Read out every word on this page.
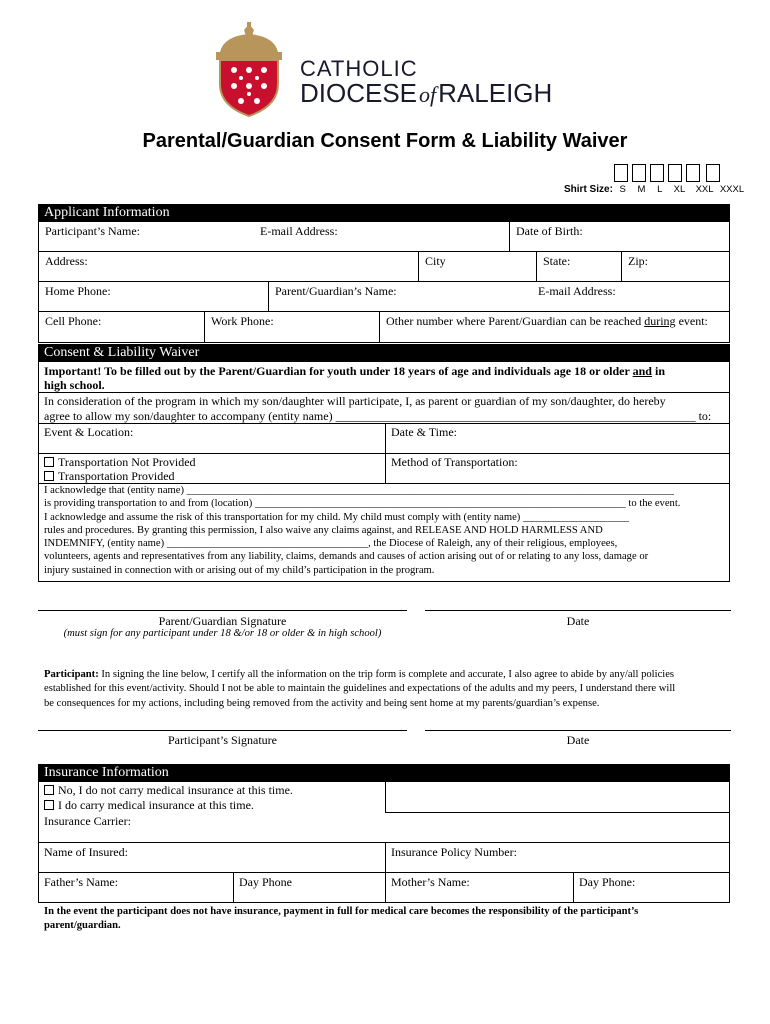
CATHOLIC
DIOCESEofRALEIGH
Parental/Guardian Consent Form & Liability Waiver
Shirt Size: S M L XL XXL XXXL
Applicant Information
Participant’s Name:	E-mail Address:	Date of Birth:
Address:	City	State:	Zip:
Home Phone:	Parent/Guardian’s Name:	E-mail Address:
Cell Phone:	Work Phone:	Other number where Parent/Guardian can be reached during event:
Consent & Liability Waiver
Important! To be filled out by the Parent/Guardian for youth under 18 years of age and individuals age 18 or older and in
high school.
In consideration of the program in which my son/daughter will participate, I, as parent or guardian of my son/daughter, do hereby
agree to allow my son/daughter to accompany (entity name) ____________________________________________________________ to:
Event & Location:	Date & Time:
Transportation Not Provided
Transportation Provided
Method of Transportation:
I acknowledge that (entity name) ____________________________________________________________________________________________
is providing transportation to and from (location) ______________________________________________________________________ to the event.
I acknowledge and assume the risk of this transportation for my child. My child must comply with (entity name) ____________________
rules and procedures. By granting this permission, I also waive any claims against, and RELEASE AND HOLD HARMLESS AND
INDEMNIFY, (entity name) ______________________________________, the Diocese of Raleigh, any of their religious, employees,
volunteers, agents and representatives from any liability, claims, demands and causes of action arising out of or relating to any loss, damage or
injury sustained in connection with or arising out of my child’s participation in the program.
Parent/Guardian Signature	Date
(must sign for any participant under 18 &/or 18 or older & in high school)
Participant: In signing the line below, I certify all the information on the trip form is complete and accurate, I also agree to abide by any/all policies
established for this event/activity. Should I not be able to maintain the guidelines and expectations of the adults and my peers, I understand there will
be consequences for my actions, including being removed from the activity and being sent home at my parents/guardian’s expense.
Participant’s Signature	Date
Insurance Information
No, I do not carry medical insurance at this time.
I do carry medical insurance at this time.
Insurance Carrier:
Name of Insured:	Insurance Policy Number:
Father’s Name:	Day Phone	Mother’s Name:	Day Phone:
In the event the participant does not have insurance, payment in full for medical care becomes the responsibility of the participant’s
parent/guardian.
